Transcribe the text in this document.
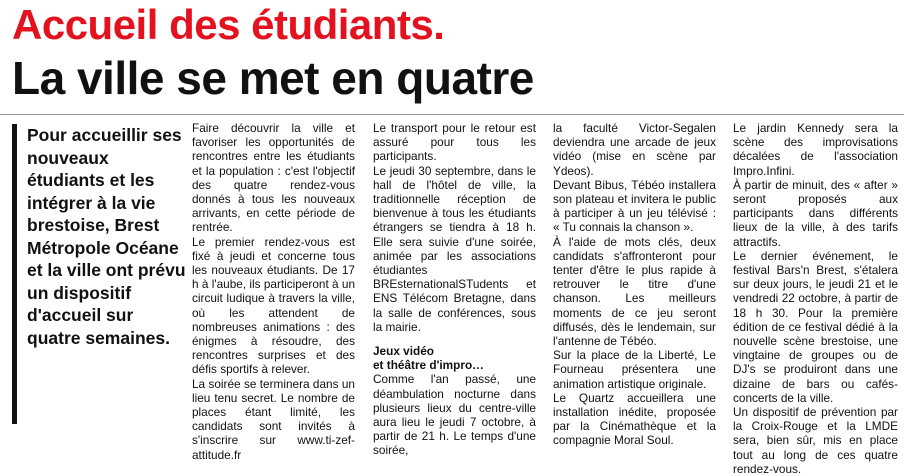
Accueil des étudiants.
La ville se met en quatre

Pour accueillir ses nouveaux étudiants et les intégrer à la vie brestoise, Brest Métropole Océane et la ville ont prévu un dispositif d'accueil sur quatre semaines.

Faire découvrir la ville et favoriser les opportunités de rencontres entre les étudiants et la population : c'est l'objectif des quatre rendez-vous donnés à tous les nouveaux arrivants, en cette période de rentrée.

Le premier rendez-vous est fixé à jeudi et concerne tous les nouveaux étudiants. De 17 h à l'aube, ils participeront à un circuit ludique à travers la ville, où les attendent de nombreuses animations : des énigmes à résoudre, des rencontres surprises et des défis sportifs à relever.

La soirée se terminera dans un lieu tenu secret. Le nombre de places étant limité, les candidats sont invités à s'inscrire sur www.ti-zef-attitude.fr

Le transport pour le retour est assuré pour tous les participants.

Le jeudi 30 septembre, dans le hall de l'hôtel de ville, la traditionnelle réception de bienvenue à tous les étudiants étrangers se tiendra à 18 h. Elle sera suivie d'une soirée, animée par les associations étudiantes BREsternationalSTudents et ENS Télécom Bretagne, dans la salle de conférences, sous la mairie.

Jeux vidéo
et théâtre d'impro…

Comme l'an passé, une déambulation nocturne dans plusieurs lieux du centre-ville aura lieu le jeudi 7 octobre, à partir de 21 h. Le temps d'une soirée,

la faculté Victor-Segalen deviendra une arcade de jeux vidéo (mise en scène par Ydeos).

Devant Bibus, Tébéo installera son plateau et invitera le public à participer à un jeu télévisé : « Tu connais la chanson ».

À l'aide de mots clés, deux candidats s'affronteront pour tenter d'être le plus rapide à retrouver le titre d'une chanson. Les meilleurs moments de ce jeu seront diffusés, dès le lendemain, sur l'antenne de Tébéo.

Sur la place de la Liberté, Le Fourneau présentera une animation artistique originale.

Le Quartz accueillera une installation inédite, proposée par la Cinémathèque et la compagnie Moral Soul.

Le jardin Kennedy sera la scène des improvisations décalées de l'association Impro.Infini.

À partir de minuit, des « after » seront proposés aux participants dans différents lieux de la ville, à des tarifs attractifs.

Le dernier événement, le festival Bars'n Brest, s'étalera sur deux jours, le jeudi 21 et le vendredi 22 octobre, à partir de 18 h 30. Pour la première édition de ce festival dédié à la nouvelle scène brestoise, une vingtaine de groupes ou de DJ's se produiront dans une dizaine de bars ou cafés-concerts de la ville.

Un dispositif de prévention par la Croix-Rouge et la LMDE sera, bien sûr, mis en place tout au long de ces quatre rendez-vous.
